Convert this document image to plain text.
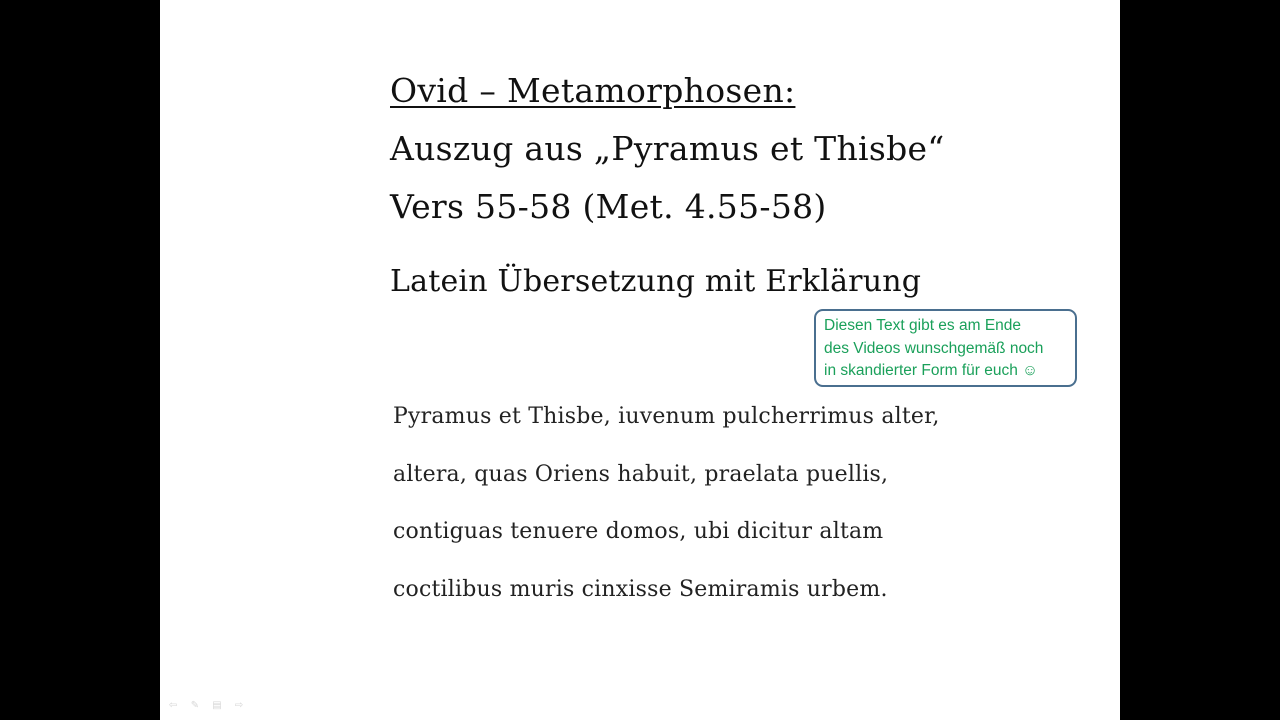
Ovid – Metamorphosen:
Auszug aus „Pyramus et Thisbe“
Vers 55-58 (Met. 4.55-58)
Latein Übersetzung mit Erklärung
Diesen Text gibt es am Ende
des Videos wunschgemäß noch
in skandierter Form für euch ☺
Pyramus et Thisbe, iuvenum pulcherrimus alter,
altera, quas Oriens habuit, praelata puellis,
contiguas tenuere domos, ubi dicitur altam
coctilibus muris cinxisse Semiramis urbem.
⇦ ✎ ▤ ⇨
